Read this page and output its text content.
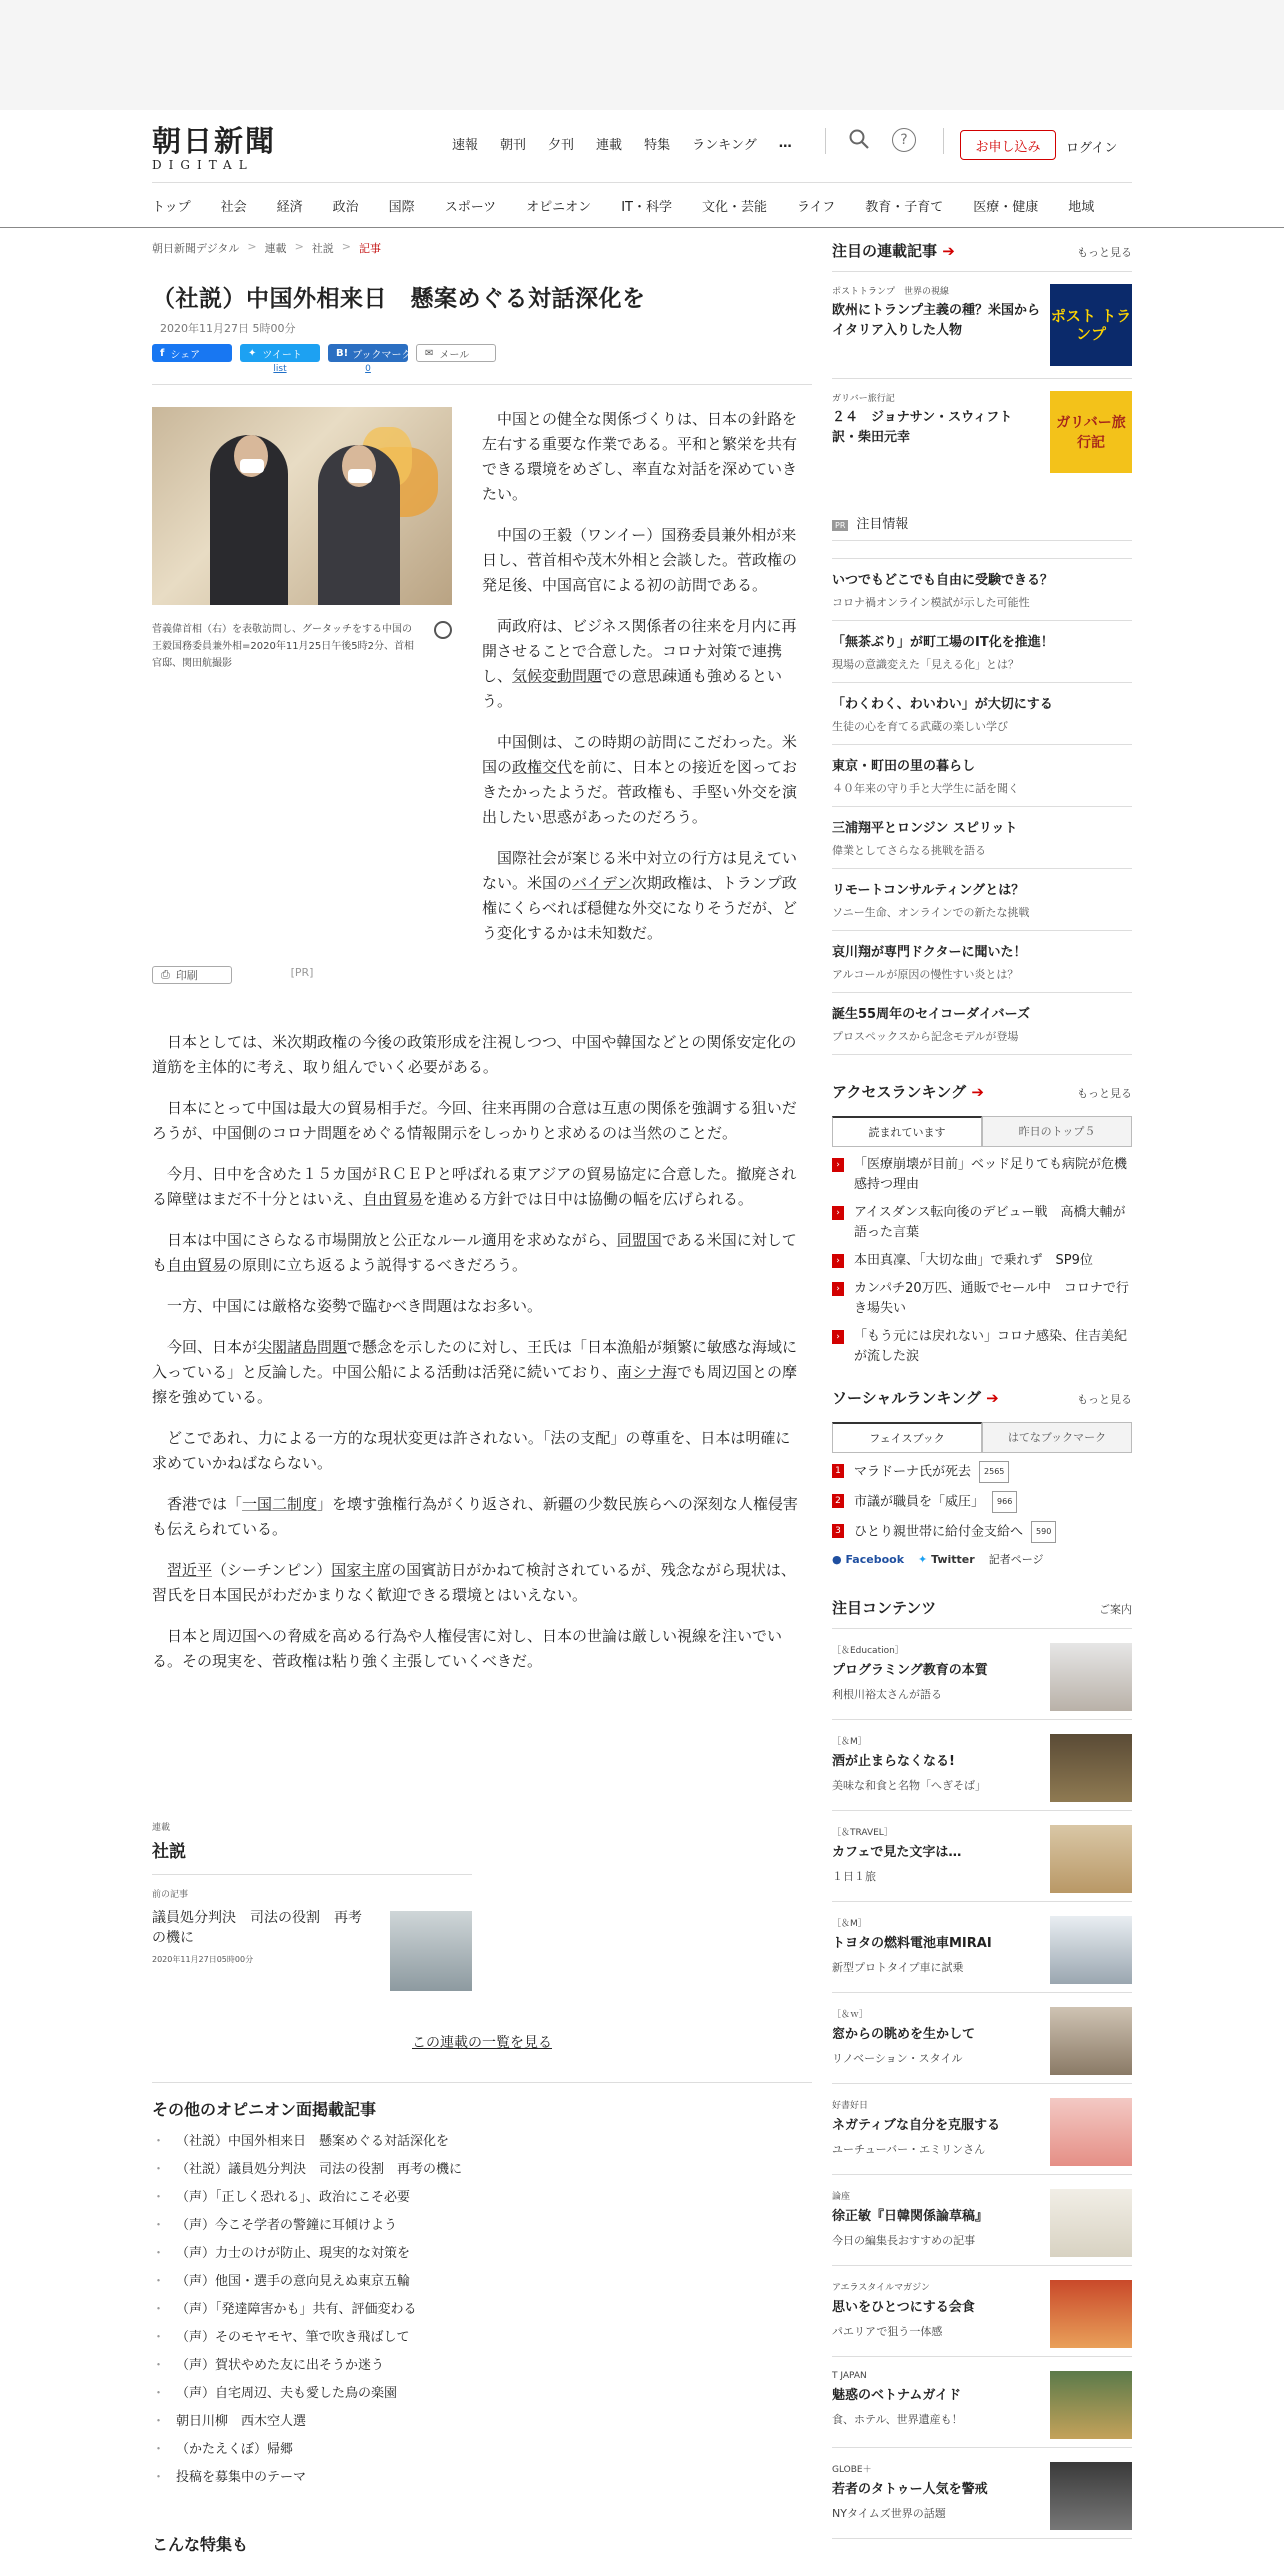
朝日新聞
DIGITAL
速報 朝刊 夕刊 連載 特集 ランキング …	?	お申し込み	ログイン
トップ 社会 経済 政治 国際 スポーツ オピニオン IT・科学 文化・芸能 ライフ 教育・子育て 医療・健康 地域
朝日新聞デジタル > 連載 > 社説 > 記事
（社説）中国外相来日　懸案めぐる対話深化を
2020年11月27日 5時00分
f シェア	✦ ツイート
list
B! ブックマーク
0
✉ メール
⎙ 印刷
菅義偉首相（右）を表敬訪問し、グータッチをする中国の王毅国務委員兼外相=2020年11月25日午後5時2分、首相官邸、関田航撮影
[PR]

中国との健全な関係づくりは、日本の針路を左右する重要な作業である。平和と繁栄を共有できる環境をめざし、率直な対話を深めていきたい。

中国の王毅（ワンイー）国務委員兼外相が来日し、菅首相や茂木外相と会談した。菅政権の発足後、中国高官による初の訪問である。

両政府は、ビジネス関係者の往来を月内に再開させることで合意した。コロナ対策で連携し、気候変動問題での意思疎通も強めるという。

中国側は、この時期の訪問にこだわった。米国の政権交代を前に、日本との接近を図っておきたかったようだ。菅政権も、手堅い外交を演出したい思惑があったのだろう。

国際社会が案じる米中対立の行方は見えていない。米国のバイデン次期政権は、トランプ政権にくらべれば穏健な外交になりそうだが、どう変化するかは未知数だ。

日本としては、米次期政権の今後の政策形成を注視しつつ、中国や韓国などとの関係安定化の道筋を主体的に考え、取り組んでいく必要がある。

日本にとって中国は最大の貿易相手だ。今回、往来再開の合意は互恵の関係を強調する狙いだろうが、中国側のコロナ問題をめぐる情報開示をしっかりと求めるのは当然のことだ。

今月、日中を含めた１５カ国がＲＣＥＰと呼ばれる東アジアの貿易協定に合意した。撤廃される障壁はまだ不十分とはいえ、自由貿易を進める方針では日中は協働の幅を広げられる。

日本は中国にさらなる市場開放と公正なルール適用を求めながら、同盟国である米国に対しても自由貿易の原則に立ち返るよう説得するべきだろう。

一方、中国には厳格な姿勢で臨むべき問題はなお多い。

今回、日本が尖閣諸島問題で懸念を示したのに対し、王氏は「日本漁船が頻繁に敏感な海域に入っている」と反論した。中国公船による活動は活発に続いており、南シナ海でも周辺国との摩擦を強めている。

どこであれ、力による一方的な現状変更は許されない。「法の支配」の尊重を、日本は明確に求めていかねばならない。

香港では「一国二制度」を壊す強権行為がくり返され、新疆の少数民族らへの深刻な人権侵害も伝えられている。

習近平（シーチンピン）国家主席の国賓訪日がかねて検討されているが、残念ながら現状は、習氏を日本国民がわだかまりなく歓迎できる環境とはいえない。

日本と周辺国への脅威を高める行為や人権侵害に対し、日本の世論は厳しい視線を注いでいる。その現実を、菅政権は粘り強く主張していくべきだ。

連載
社説
前の記事
議員処分判決　司法の役割　再考の機に
2020年11月27日05時00分
この連載の一覧を見る
その他のオピニオン面掲載記事
・ （社説）中国外相来日　懸案めぐる対話深化を
・ （社説）議員処分判決　司法の役割　再考の機に
・ （声）「正しく恐れる」、政治にこそ必要
・ （声）今こそ学者の警鐘に耳傾けよう
・ （声）力士のけが防止、現実的な対策を
・ （声）他国・選手の意向見えぬ東京五輪
・ （声）「発達障害かも」共有、評価変わる
・ （声）そのモヤモヤ、筆で吹き飛ばして
・ （声）賀状やめた友に出そうか迷う
・ （声）自宅周辺、夫も愛した鳥の楽園
・ 朝日川柳　西木空人選
・ （かたえくぼ）帰郷
・ 投稿を募集中のテーマ
こんな特集も
注目の連載記事 ➔	もっと見る
ポストトランプ　世界の視線
欧州にトランプ主義の種？米国からイタリア入りした人物
ポスト トランプ
ガリバー旅行記
２４　ジョナサン・スウィフト　訳・柴田元幸
ガリバー旅行記
PR 注目情報
いつでもどこでも自由に受験できる？
コロナ禍オンライン模試が示した可能性
「無茶ぶり」が町工場のIT化を推進！
現場の意識変えた「見える化」とは？
「わくわく、わいわい」が大切にする
生徒の心を育てる武蔵の楽しい学び
東京・町田の里の暮らし
４０年来の守り手と大学生に話を聞く
三浦翔平とロンジン スピリット
偉業としてさらなる挑戦を語る
リモートコンサルティングとは？
ソニー生命、オンラインでの新たな挑戦
哀川翔が専門ドクターに聞いた！
アルコールが原因の慢性すい炎とは？
誕生55周年のセイコーダイバーズ
プロスペックスから記念モデルが登場
アクセスランキング ➔	もっと見る
読まれています	昨日のトップ５
›	「医療崩壊が目前」ベッド足りても病院が危機感持つ理由
›	アイスダンス転向後のデビュー戦　高橋大輔が語った言葉
›	本田真凜、「大切な曲」で乗れず　SP9位
›	カンパチ20万匹、通販でセール中　コロナで行き場失い
›	「もう元には戻れない」コロナ感染、住吉美紀が流した涙
ソーシャルランキング ➔	もっと見る
フェイスブック	はてなブックマーク
1 マラドーナ氏が死去 2565
2 市議が職員を「威圧」 966
3 ひとり親世帯に給付金支給へ 590
● Facebook ✦ Twitter 記者ページ
注目コンテンツ	ご案内
［＆Education］
プログラミング教育の本質
利根川裕太さんが語る
［＆M］
酒が止まらなくなる!
美味な和食と名物「へぎそば」
［＆TRAVEL］
カフェで見た文字は…
１日１旅
［＆M］
トヨタの燃料電池車MIRAI
新型プロトタイプ車に試乗
［＆ｗ］
窓からの眺めを生かして
リノベーション・スタイル
好書好日
ネガティブな自分を克服する
ユーチューバー・エミリンさん
論座
徐正敏『日韓関係論草稿』
今日の編集長おすすめの記事
アエラスタイルマガジン
思いをひとつにする会食
パエリアで狙う一体感
T JAPAN
魅惑のベトナムガイド
食、ホテル、世界遺産も！
GLOBE＋
若者のタトゥー人気を警戒
NYタイムズ世界の話題
